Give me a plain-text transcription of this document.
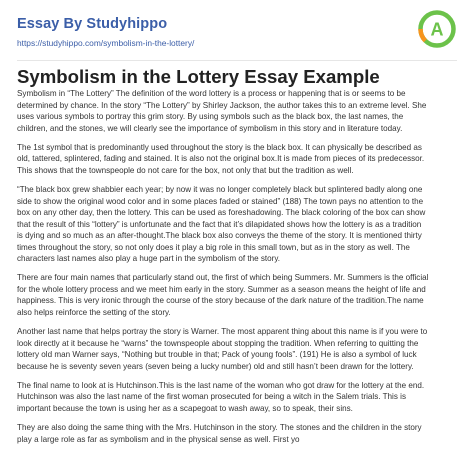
Essay By Studyhippo
https://studyhippo.com/symbolism-in-the-lottery/
A
Symbolism in the Lottery Essay Example

Symbolism in “The Lottery” The definition of the word lottery is a process or happening that is or seems to be
determined by chance. In the story “The Lottery” by Shirley Jackson, the author takes this to an extreme level. She
uses various symbols to portray this grim story. By using symbols such as the black box, the last names, the
children, and the stones, we will clearly see the importance of symbolism in this story and in literature today.

The 1st symbol that is predominantly used throughout the story is the black box. It can physically be described as
old, tattered, splintered, fading and stained. It is also not the original box.It is made from pieces of its predecessor.
This shows that the townspeople do not care for the box, not only that but the tradition as well.

“The black box grew shabbier each year; by now it was no longer completely black but splintered badly along one
side to show the original wood color and in some places faded or stained” (188) The town pays no attention to the
box on any other day, then the lottery. This can be used as foreshadowing. The black coloring of the box can show
that the result of this “lottery” is unfortunate and the fact that it’s dilapidated shows how the lottery is as a tradition
is dying and so much as an after-thought.The black box also conveys the theme of the story. It is mentioned thirty
times throughout the story, so not only does it play a big role in this small town, but as in the story as well. The
characters last names also play a huge part in the symbolism of the story.

There are four main names that particularly stand out, the first of which being Summers. Mr. Summers is the official
for the whole lottery process and we meet him early in the story. Summer as a season means the height of life and
happiness. This is very ironic through the course of the story because of the dark nature of the tradition.The name
also helps reinforce the setting of the story.

Another last name that helps portray the story is Warner. The most apparent thing about this name is if you were to
look directly at it because he “warns” the townspeople about stopping the tradition. When referring to quitting the
lottery old man Warner says, “Nothing but trouble in that; Pack of young fools”. (191) He is also a symbol of luck
because he is seventy seven years (seven being a lucky number) old and still hasn’t been drawn for the lottery.

The final name to look at is Hutchinson.This is the last name of the woman who got draw for the lottery at the end.
Hutchinson was also the last name of the first woman prosecuted for being a witch in the Salem trials. This is
important because the town is using her as a scapegoat to wash away, so to speak, their sins.

They are also doing the same thing with the Mrs. Hutchinson in the story. The stones and the children in the story
play a large role as far as symbolism and in the physical sense as well. First yo
